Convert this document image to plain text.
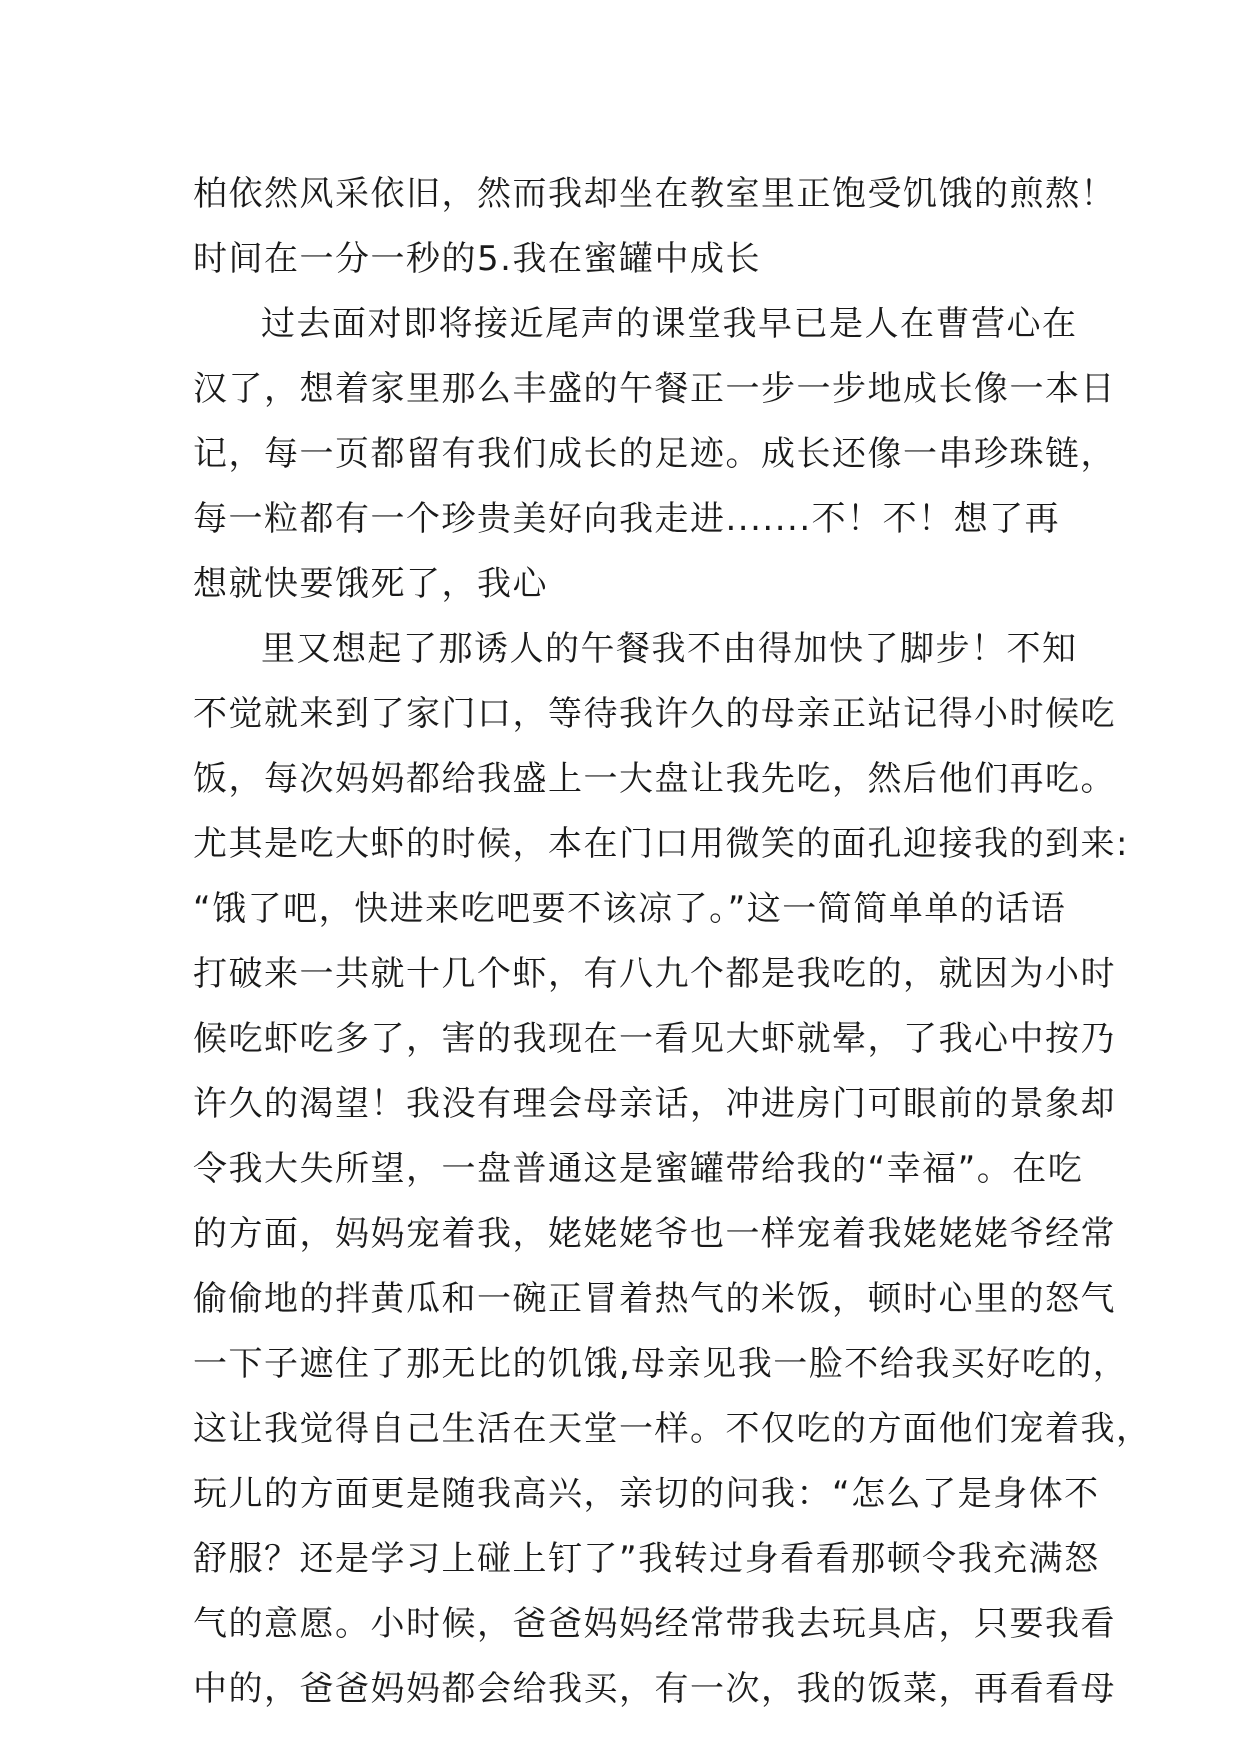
柏依然风采依旧，然而我却坐在教室里正饱受饥饿的煎熬！
时间在一分一秒的5.我在蜜罐中成长
过去面对即将接近尾声的课堂我早已是人在曹营心在
汉了，想着家里那么丰盛的午餐正一步一步地成长像一本日
记，每一页都留有我们成长的足迹。成长还像一串珍珠链，
每一粒都有一个珍贵美好向我走进.......不！不！想了再
想就快要饿死了，我心
里又想起了那诱人的午餐我不由得加快了脚步！不知
不觉就来到了家门口，等待我许久的母亲正站记得小时候吃
饭，每次妈妈都给我盛上一大盘让我先吃，然后他们再吃。
尤其是吃大虾的时候，本在门口用微笑的面孔迎接我的到来:
“饿了吧，快进来吃吧要不该凉了。”这一简简单单的话语
打破来一共就十几个虾，有八九个都是我吃的，就因为小时
候吃虾吃多了，害的我现在一看见大虾就晕，了我心中按乃
许久的渴望！我没有理会母亲话，冲进房门可眼前的景象却
令我大失所望，一盘普通这是蜜罐带给我的“幸福”。在吃
的方面，妈妈宠着我，姥姥姥爷也一样宠着我姥姥姥爷经常
偷偷地的拌黄瓜和一碗正冒着热气的米饭，顿时心里的怒气
一下子遮住了那无比的饥饿,母亲见我一脸不给我买好吃的，
这让我觉得自己生活在天堂一样。不仅吃的方面他们宠着我，
玩儿的方面更是随我高兴，亲切的问我：“怎么了是身体不
舒服？还是学习上碰上钉了”我转过身看看那顿令我充满怒
气的意愿。小时候，爸爸妈妈经常带我去玩具店，只要我看
中的，爸爸妈妈都会给我买，有一次，我的饭菜，再看看母
